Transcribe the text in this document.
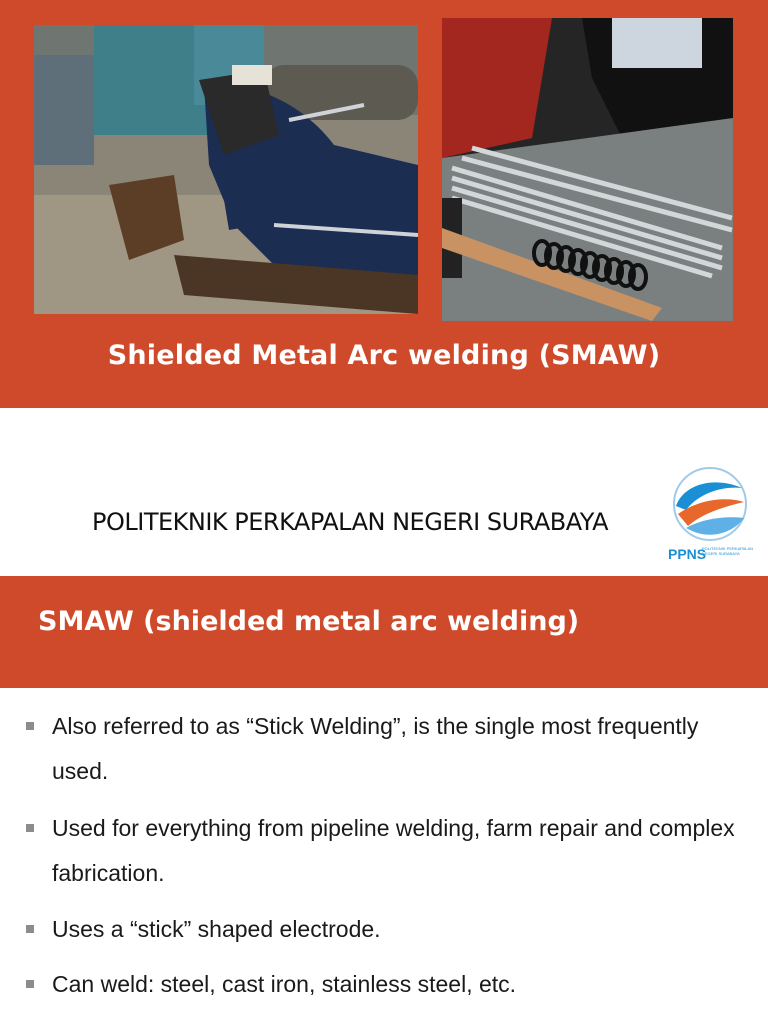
Shielded Metal Arc welding (SMAW)
POLITEKNIK PERKAPALAN NEGERI SURABAYA
PPNS
POLITEKNIK PERKAPALAN NEGERI SURABAYA
SMAW (shielded metal arc welding)
Also referred to as “Stick Welding”, is the single most frequently used.
Used for everything from pipeline welding, farm repair and complex fabrication.
Uses a “stick” shaped electrode.
Can weld: steel, cast iron, stainless steel, etc.
